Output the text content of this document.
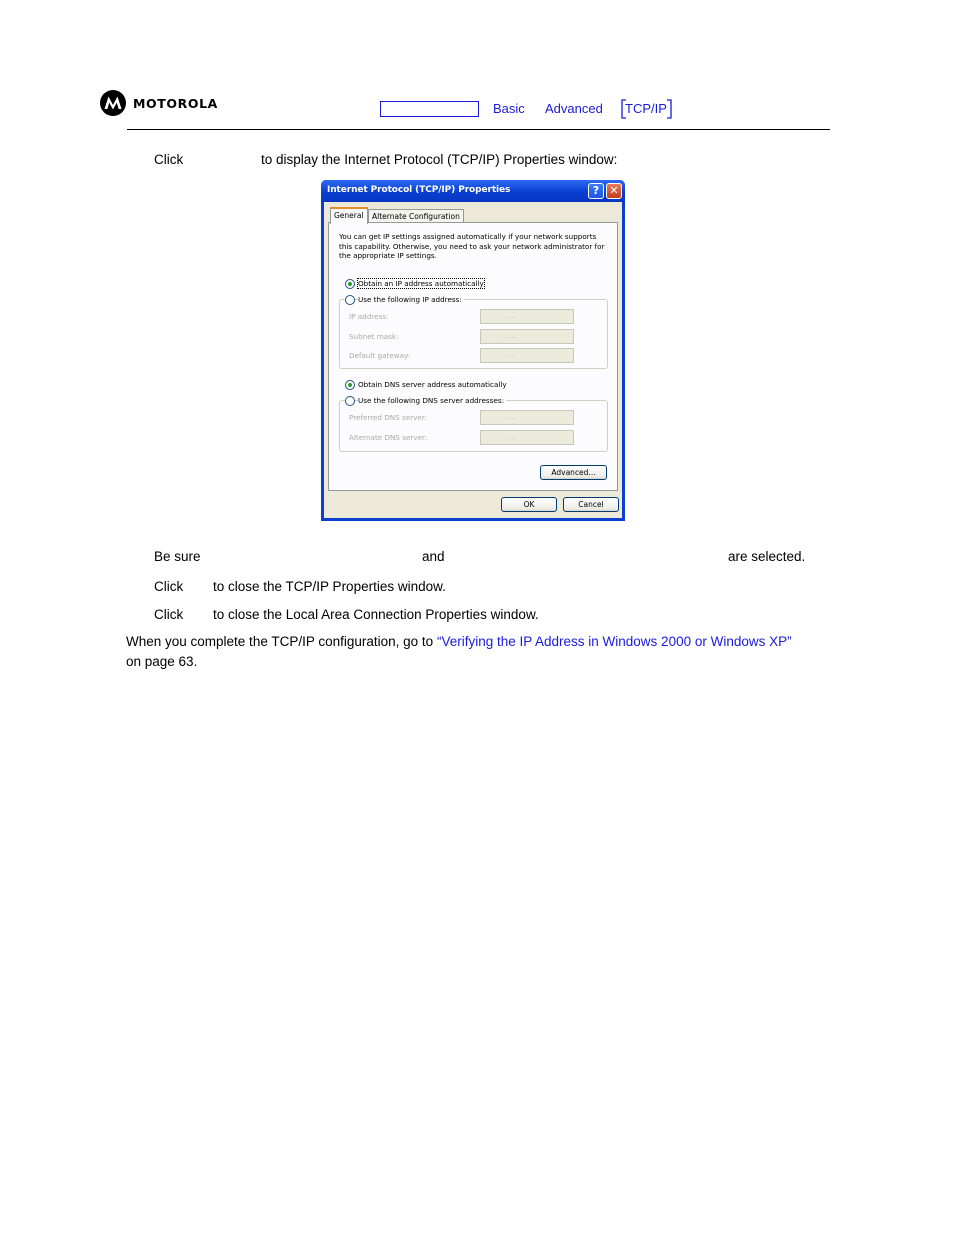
MOTOROLA	Basic Advanced TCP/IP
Click	to display the Internet Protocol (TCP/IP) Properties window:
Internet Protocol (TCP/IP) Properties	? ✕
General	Alternate Configuration
You can get IP settings assigned automatically if your network supports
this capability. Otherwise, you need to ask your network administrator for
the appropriate IP settings.
Obtain an IP address automatically
Use the following IP address:
IP address:	. . .
Subnet mask:	. . .
Default gateway:	. . .
Obtain DNS server address automatically
Use the following DNS server addresses:
Preferred DNS server:	. . .
Alternate DNS server:	. . .
Advanced...
OK	Cancel
Be sure	and	are selected.
Click to close the TCP/IP Properties window.
Click to close the Local Area Connection Properties window.
When you complete the TCP/IP configuration, go to “Verifying the IP Address in Windows 2000 or Windows XP”
on page 63.
